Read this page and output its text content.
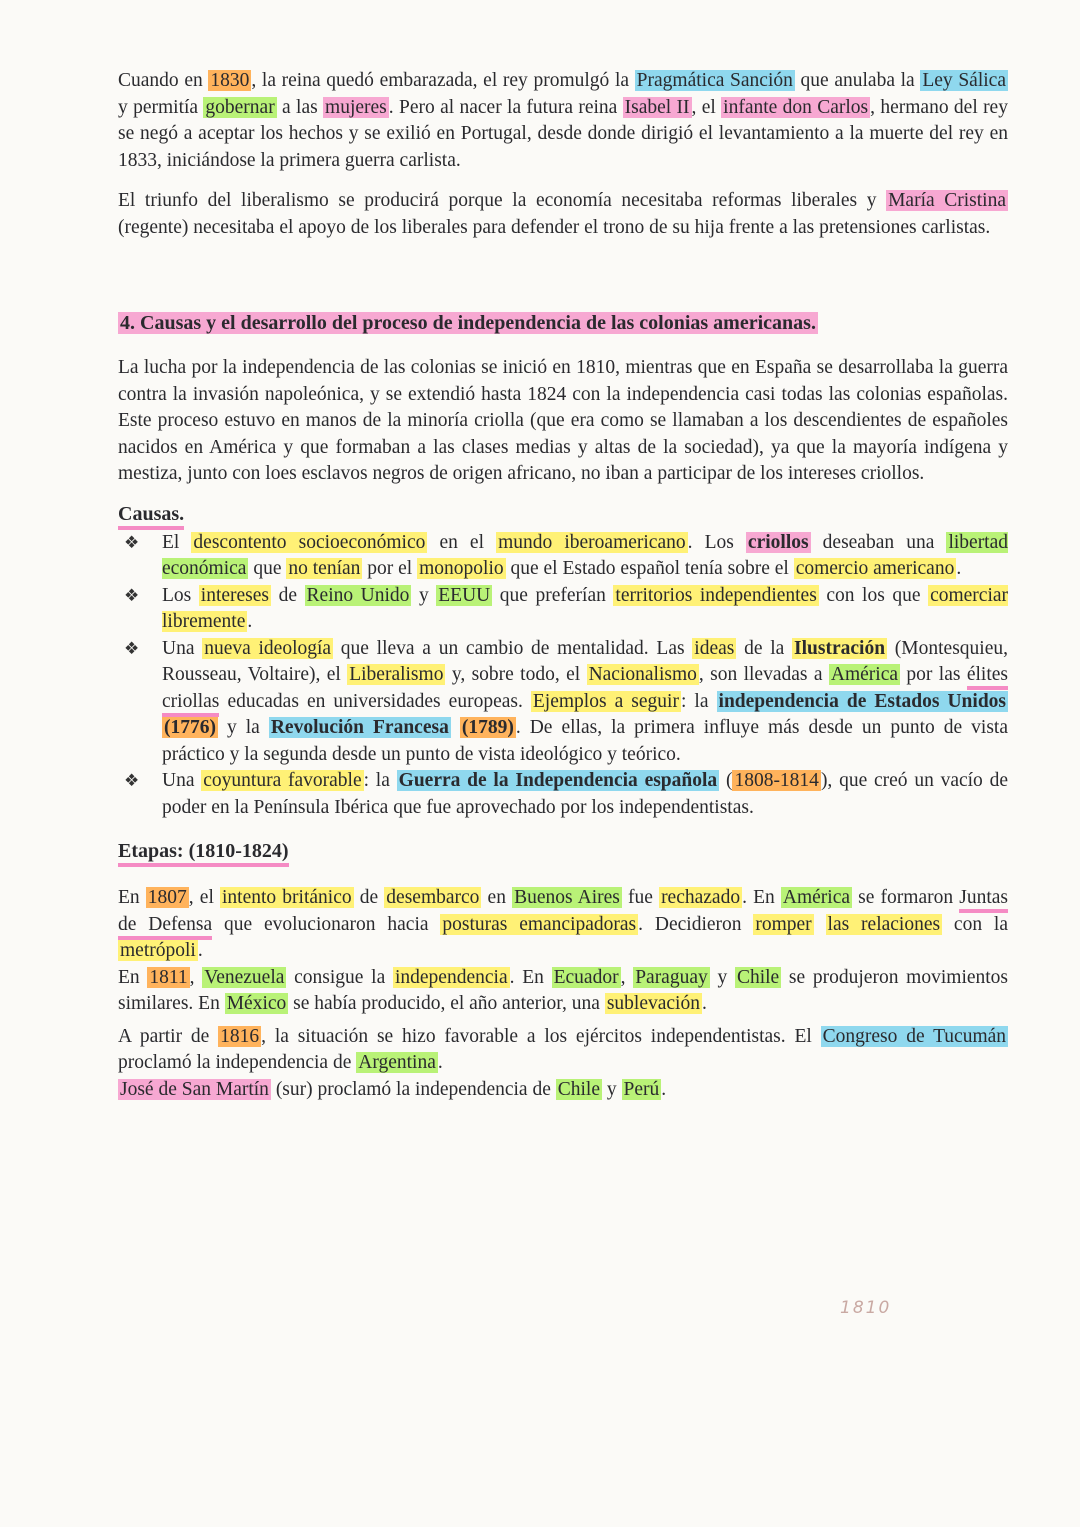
Cuando en 1830 , la reina quedó embarazada, el rey promulgó la Pragmática Sanción que anulaba la Ley Sálica y permitía gobernar a las mujeres . Pero al nacer la futura reina Isabel II , el infante don Carlos , hermano del rey se negó a aceptar los hechos y se exilió en Portugal, desde donde dirigió el levantamiento a la muerte del rey en 1833, iniciándose la primera guerra carlista.

El triunfo del liberalismo se producirá porque la economía necesitaba reformas liberales y María Cristina (regente) necesitaba el apoyo de los liberales para defender el trono de su hija frente a las pretensiones carlistas.

4. Causas y el desarrollo del proceso de independencia de las colonias americanas.

La lucha por la independencia de las colonias se inició en 1810, mientras que en España se desarrollaba la guerra contra la invasión napoleónica, y se extendió hasta 1824 con la independencia casi todas las colonias españolas. Este proceso estuvo en manos de la minoría criolla (que era como se llamaban a los descendientes de españoles nacidos en América y que formaban a las clases medias y altas de la sociedad), ya que la mayoría indígena y mestiza, junto con loes esclavos negros de origen africano, no iban a participar de los intereses criollos.

Causas.
❖ El descontento socioeconómico en el mundo iberoamericano . Los criollos deseaban una libertad económica que no tenían por el monopolio que el Estado español tenía sobre el comercio americano .
❖ Los intereses de Reino Unido y EEUU que preferían territorios independientes con los que comerciar libremente .
❖ Una nueva ideología que lleva a un cambio de mentalidad. Las ideas de la Ilustración (Montesquieu, Rousseau, Voltaire), el Liberalismo y, sobre todo, el Nacionalismo , son llevadas a América por las élites criollas educadas en universidades europeas. Ejemplos a seguir : la independencia de Estados Unidos (1776) y la Revolución Francesa (1789) . De ellas, la primera influye más desde un punto de vista práctico y la segunda desde un punto de vista ideológico y teórico.
❖ Una coyuntura favorable : la Guerra de la Independencia española ( 1808-1814 ), que creó un vacío de poder en la Península Ibérica que fue aprovechado por los independentistas.
Etapas: (1810-1824)

En 1807 , el intento británico de desembarco en Buenos Aires fue rechazado . En América se formaron Juntas de Defensa que evolucionaron hacia posturas emancipadoras . Decidieron romper las relaciones con la metrópoli .

En 1811 , Venezuela consigue la independencia . En Ecuador , Paraguay y Chile se produjeron movimientos similares. En México se había producido, el año anterior, una sublevación .

A partir de 1816 , la situación se hizo favorable a los ejércitos independentistas. El Congreso de Tucumán proclamó la independencia de Argentina .

José de San Martín (sur) proclamó la independencia de Chile y Perú .

1810
